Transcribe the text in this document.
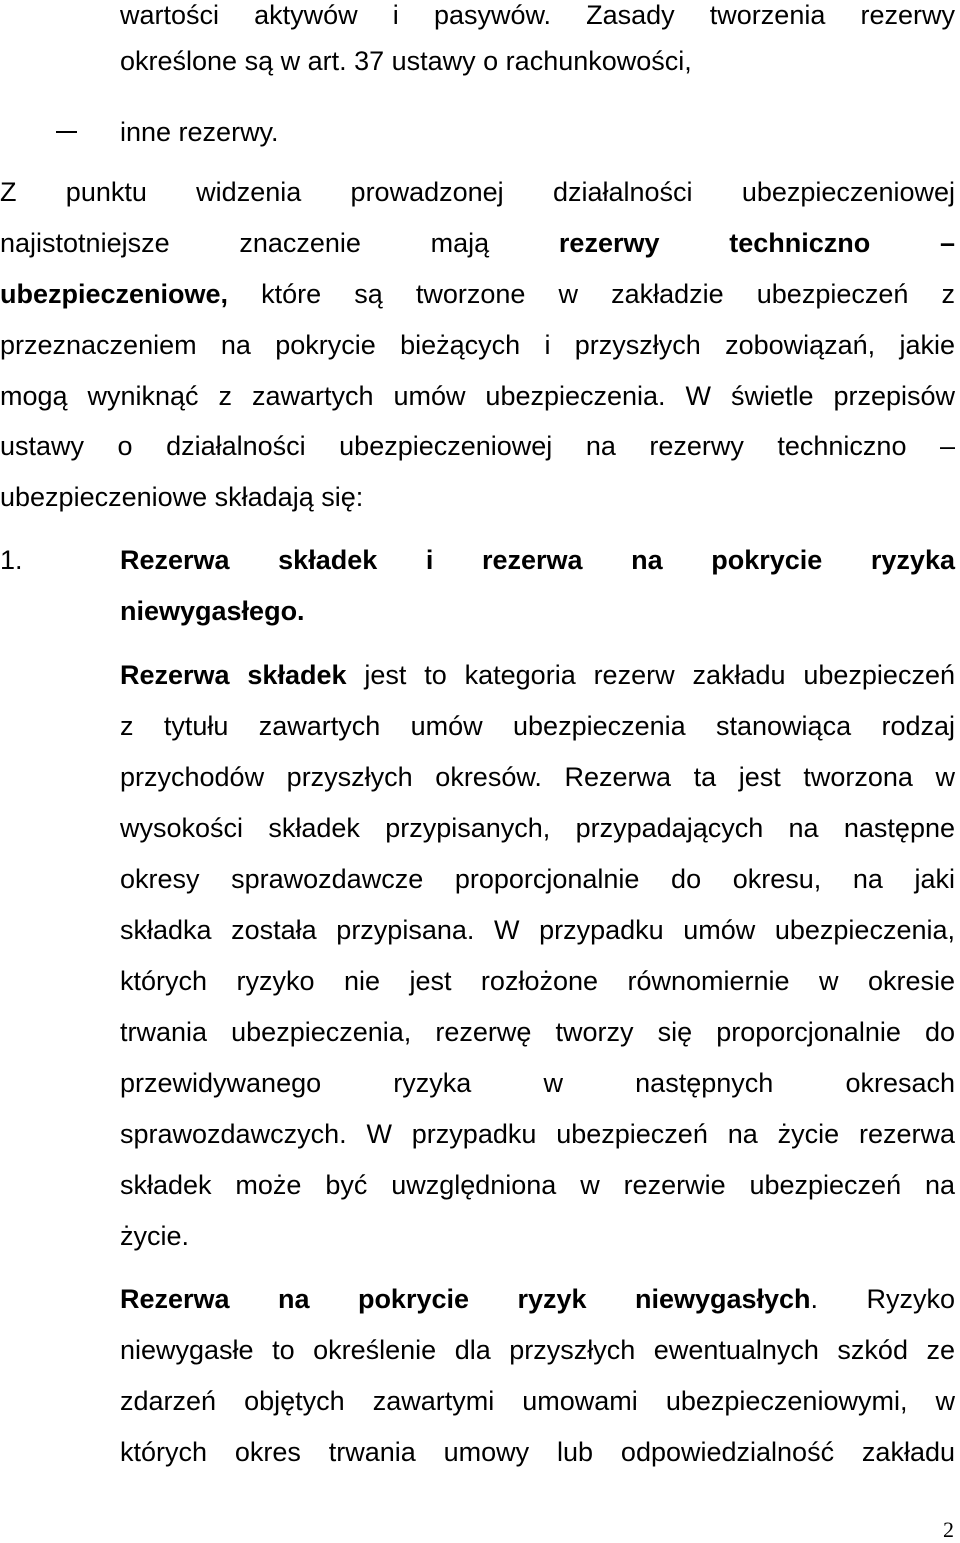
wartości aktywów i pasywów. Zasady tworzenia rezerwy
określone są w art. 37 ustawy o rachunkowości,
inne rezerwy.
Z punktu widzenia prowadzonej działalności ubezpieczeniowej
najistotniejsze znaczenie mają	rezerwy techniczno –
ubezpieczeniowe, które są tworzone w zakładzie ubezpieczeń z
przeznaczeniem na pokrycie bieżących i przyszłych zobowiązań, jakie
mogą wyniknąć z zawartych umów ubezpieczenia. W świetle przepisów
ustawy o działalności ubezpieczeniowej na rezerwy techniczno –
ubezpieczeniowe składają się:
1.	Rezerwa składek i rezerwa na pokrycie ryzyka
niewygasłego.
Rezerwa składek jest to kategoria rezerw zakładu ubezpieczeń
z tytułu zawartych umów ubezpieczenia stanowiąca rodzaj
przychodów przyszłych okresów. Rezerwa ta jest tworzona w
wysokości składek przypisanych, przypadających na następne
okresy sprawozdawcze proporcjonalnie do okresu, na jaki
składka została przypisana. W przypadku umów ubezpieczenia,
których ryzyko nie jest rozłożone równomiernie w okresie
trwania ubezpieczenia, rezerwę tworzy się proporcjonalnie do
przewidywanego ryzyka w następnych okresach
sprawozdawczych. W przypadku ubezpieczeń na życie rezerwa
składek może być uwzględniona w rezerwie ubezpieczeń na
życie.
Rezerwa na pokrycie ryzyk niewygasłych. Ryzyko
niewygasłe to określenie dla przyszłych ewentualnych szkód ze
zdarzeń objętych zawartymi umowami ubezpieczeniowymi, w
których okres trwania umowy lub odpowiedzialność zakładu
2
